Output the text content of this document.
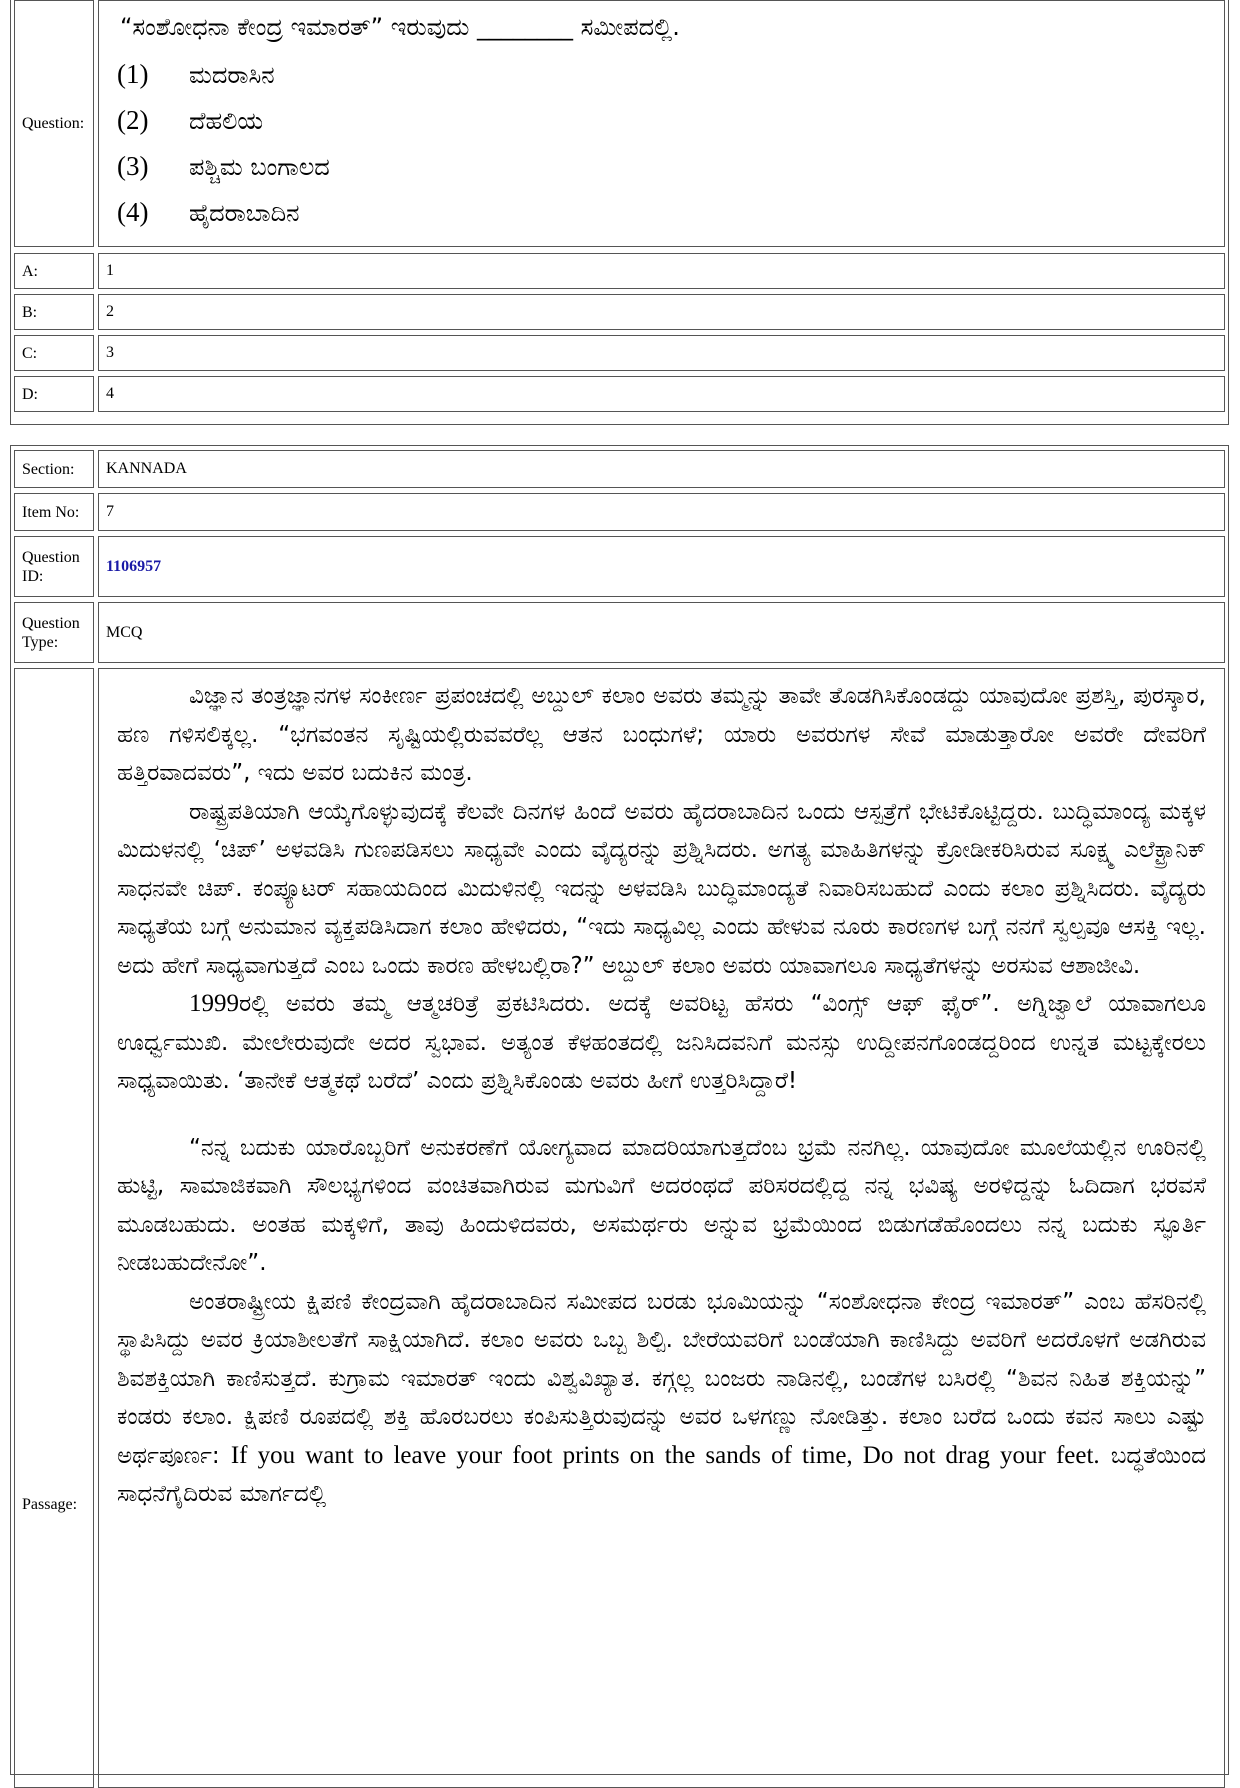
Question:
“ಸಂಶೋಧನಾ ಕೇಂದ್ರ ಇಮಾರತ್” ಇರುವುದು ________ ಸಮೀಪದಲ್ಲಿ.
(1) ಮದರಾಸಿನ
(2) ದೆಹಲಿಯ
(3) ಪಶ್ಚಿಮ ಬಂಗಾಲದ
(4) ಹೈದರಾಬಾದಿನ
A:	1
B:	2
C:	3
D:	4
Section:	KANNADA
Item No:	7
Question ID:
1106957
Question Type:
MCQ
Passage:

ವಿಜ್ಞಾನ ತಂತ್ರಜ್ಞಾನಗಳ ಸಂಕೀರ್ಣ ಪ್ರಪಂಚದಲ್ಲಿ ಅಬ್ದುಲ್ ಕಲಾಂ ಅವರು ತಮ್ಮನ್ನು ತಾವೇ ತೊಡಗಿಸಿಕೊಂಡದ್ದು ಯಾವುದೋ ಪ್ರಶಸ್ತಿ, ಪುರಸ್ಕಾರ, ಹಣ ಗಳಿಸಲಿಕ್ಕಲ್ಲ. “ಭಗವಂತನ ಸೃಷ್ಟಿಯಲ್ಲಿರುವವರೆಲ್ಲ ಆತನ ಬಂಧುಗಳೆ; ಯಾರು ಅವರುಗಳ ಸೇವೆ ಮಾಡುತ್ತಾರೋ ಅವರೇ ದೇವರಿಗೆ ಹತ್ತಿರವಾದವರು”, ಇದು ಅವರ ಬದುಕಿನ ಮಂತ್ರ.

ರಾಷ್ಟ್ರಪತಿಯಾಗಿ ಆಯ್ಕೆಗೊಳ್ಳುವುದಕ್ಕೆ ಕೆಲವೇ ದಿನಗಳ ಹಿಂದೆ ಅವರು ಹೈದರಾಬಾದಿನ ಒಂದು ಆಸ್ಪತ್ರೆಗೆ ಭೇಟಿಕೊಟ್ಟಿದ್ದರು. ಬುದ್ಧಿಮಾಂದ್ಯ ಮಕ್ಕಳ ಮಿದುಳನಲ್ಲಿ ‘ಚಿಪ್’ ಅಳವಡಿಸಿ ಗುಣಪಡಿಸಲು ಸಾಧ್ಯವೇ ಎಂದು ವೈದ್ಯರನ್ನು ಪ್ರಶ್ನಿಸಿದರು. ಅಗತ್ಯ ಮಾಹಿತಿಗಳನ್ನು ಕ್ರೋಡೀಕರಿಸಿರುವ ಸೂಕ್ಷ್ಮ ಎಲೆಕ್ಟ್ರಾನಿಕ್ ಸಾಧನವೇ ಚಿಪ್. ಕಂಪ್ಯೂಟರ್ ಸಹಾಯದಿಂದ ಮಿದುಳಿನಲ್ಲಿ ಇದನ್ನು ಅಳವಡಿಸಿ ಬುದ್ಧಿಮಾಂದ್ಯತೆ ನಿವಾರಿಸಬಹುದೆ ಎಂದು ಕಲಾಂ ಪ್ರಶ್ನಿಸಿದರು. ವೈದ್ಯರು ಸಾಧ್ಯತೆಯ ಬಗ್ಗೆ ಅನುಮಾನ ವ್ಯಕ್ತಪಡಿಸಿದಾಗ ಕಲಾಂ ಹೇಳಿದರು, “ಇದು ಸಾಧ್ಯವಿಲ್ಲ ಎಂದು ಹೇಳುವ ನೂರು ಕಾರಣಗಳ ಬಗ್ಗೆ ನನಗೆ ಸ್ವಲ್ಪವೂ ಆಸಕ್ತಿ ಇಲ್ಲ. ಅದು ಹೇಗೆ ಸಾಧ್ಯವಾಗುತ್ತದೆ ಎಂಬ ಒಂದು ಕಾರಣ ಹೇಳಬಲ್ಲಿರಾ?” ಅಬ್ದುಲ್ ಕಲಾಂ ಅವರು ಯಾವಾಗಲೂ ಸಾಧ್ಯತೆಗಳನ್ನು ಅರಸುವ ಆಶಾಜೀವಿ.

1999ರಲ್ಲಿ ಅವರು ತಮ್ಮ ಆತ್ಮಚರಿತ್ರೆ ಪ್ರಕಟಿಸಿದರು. ಅದಕ್ಕೆ ಅವರಿಟ್ಟ ಹೆಸರು “ವಿಂಗ್ಸ್ ಆಫ್ ಫೈರ್”. ಅಗ್ನಿಜ್ವಾಲೆ ಯಾವಾಗಲೂ ಊರ್ಧ್ವಮುಖಿ. ಮೇಲೇರುವುದೇ ಅದರ ಸ್ವಭಾವ. ಅತ್ಯಂತ ಕೆಳಹಂತದಲ್ಲಿ ಜನಿಸಿದವನಿಗೆ ಮನಸ್ಸು ಉದ್ದೀಪನಗೊಂಡದ್ದರಿಂದ ಉನ್ನತ ಮಟ್ಟಕ್ಕೇರಲು ಸಾಧ್ಯವಾಯಿತು. ‘ತಾನೇಕೆ ಆತ್ಮಕಥೆ ಬರೆದೆ’ ಎಂದು ಪ್ರಶ್ನಿಸಿಕೊಂಡು ಅವರು ಹೀಗೆ ಉತ್ತರಿಸಿದ್ದಾರೆ!

“ನನ್ನ ಬದುಕು ಯಾರೊಬ್ಬರಿಗೆ ಅನುಕರಣೆಗೆ ಯೋಗ್ಯವಾದ ಮಾದರಿಯಾಗುತ್ತದೆಂಬ ಭ್ರಮೆ ನನಗಿಲ್ಲ. ಯಾವುದೋ ಮೂಲೆಯಲ್ಲಿನ ಊರಿನಲ್ಲಿ ಹುಟ್ಟಿ, ಸಾಮಾಜಿಕವಾಗಿ ಸೌಲಭ್ಯಗಳಿಂದ ವಂಚಿತವಾಗಿರುವ ಮಗುವಿಗೆ ಅದರಂಥದೆ ಪರಿಸರದಲ್ಲಿದ್ದ ನನ್ನ ಭವಿಷ್ಯ ಅರಳಿದ್ದನ್ನು ಓದಿದಾಗ ಭರವಸೆ ಮೂಡಬಹುದು. ಅಂತಹ ಮಕ್ಕಳಿಗೆ, ತಾವು ಹಿಂದುಳಿದವರು, ಅಸಮರ್ಥರು ಅನ್ನುವ ಭ್ರಮೆಯಿಂದ ಬಿಡುಗಡೆಹೊಂದಲು ನನ್ನ ಬದುಕು ಸ್ಫೂರ್ತಿ ನೀಡಬಹುದೇನೋ”.

ಅಂತರಾಷ್ಟ್ರೀಯ ಕ್ಷಿಪಣಿ ಕೇಂದ್ರವಾಗಿ ಹೈದರಾಬಾದಿನ ಸಮೀಪದ ಬರಡು ಭೂಮಿಯನ್ನು “ಸಂಶೋಧನಾ ಕೇಂದ್ರ ಇಮಾರತ್” ಎಂಬ ಹೆಸರಿನಲ್ಲಿ ಸ್ಥಾಪಿಸಿದ್ದು ಅವರ ಕ್ರಿಯಾಶೀಲತೆಗೆ ಸಾಕ್ಷಿಯಾಗಿದೆ. ಕಲಾಂ ಅವರು ಒಬ್ಬ ಶಿಲ್ಪಿ. ಬೇರೆಯವರಿಗೆ ಬಂಡೆಯಾಗಿ ಕಾಣಿಸಿದ್ದು ಅವರಿಗೆ ಅದರೊಳಗೆ ಅಡಗಿರುವ ಶಿವಶಕ್ತಿಯಾಗಿ ಕಾಣಿಸುತ್ತದೆ. ಕುಗ್ರಾಮ ಇಮಾರತ್ ಇಂದು ವಿಶ್ವವಿಖ್ಯಾತ. ಕಗ್ಗಲ್ಲ ಬಂಜರು ನಾಡಿನಲ್ಲಿ, ಬಂಡೆಗಳ ಬಸಿರಲ್ಲಿ “ಶಿವನ ನಿಹಿತ ಶಕ್ತಿಯನ್ನು” ಕಂಡರು ಕಲಾಂ. ಕ್ಷಿಪಣಿ ರೂಪದಲ್ಲಿ ಶಕ್ತಿ ಹೊರಬರಲು ಕಂಪಿಸುತ್ತಿರುವುದನ್ನು ಅವರ ಒಳಗಣ್ಣು ನೋಡಿತ್ತು. ಕಲಾಂ ಬರೆದ ಒಂದು ಕವನ ಸಾಲು ಎಷ್ಟು ಅರ್ಥಪೂರ್ಣ: If you want to leave your foot prints on the sands of time, Do not drag your feet. ಬದ್ಧತೆಯಿಂದ ಸಾಧನೆಗೈದಿರುವ ಮಾರ್ಗದಲ್ಲಿ
